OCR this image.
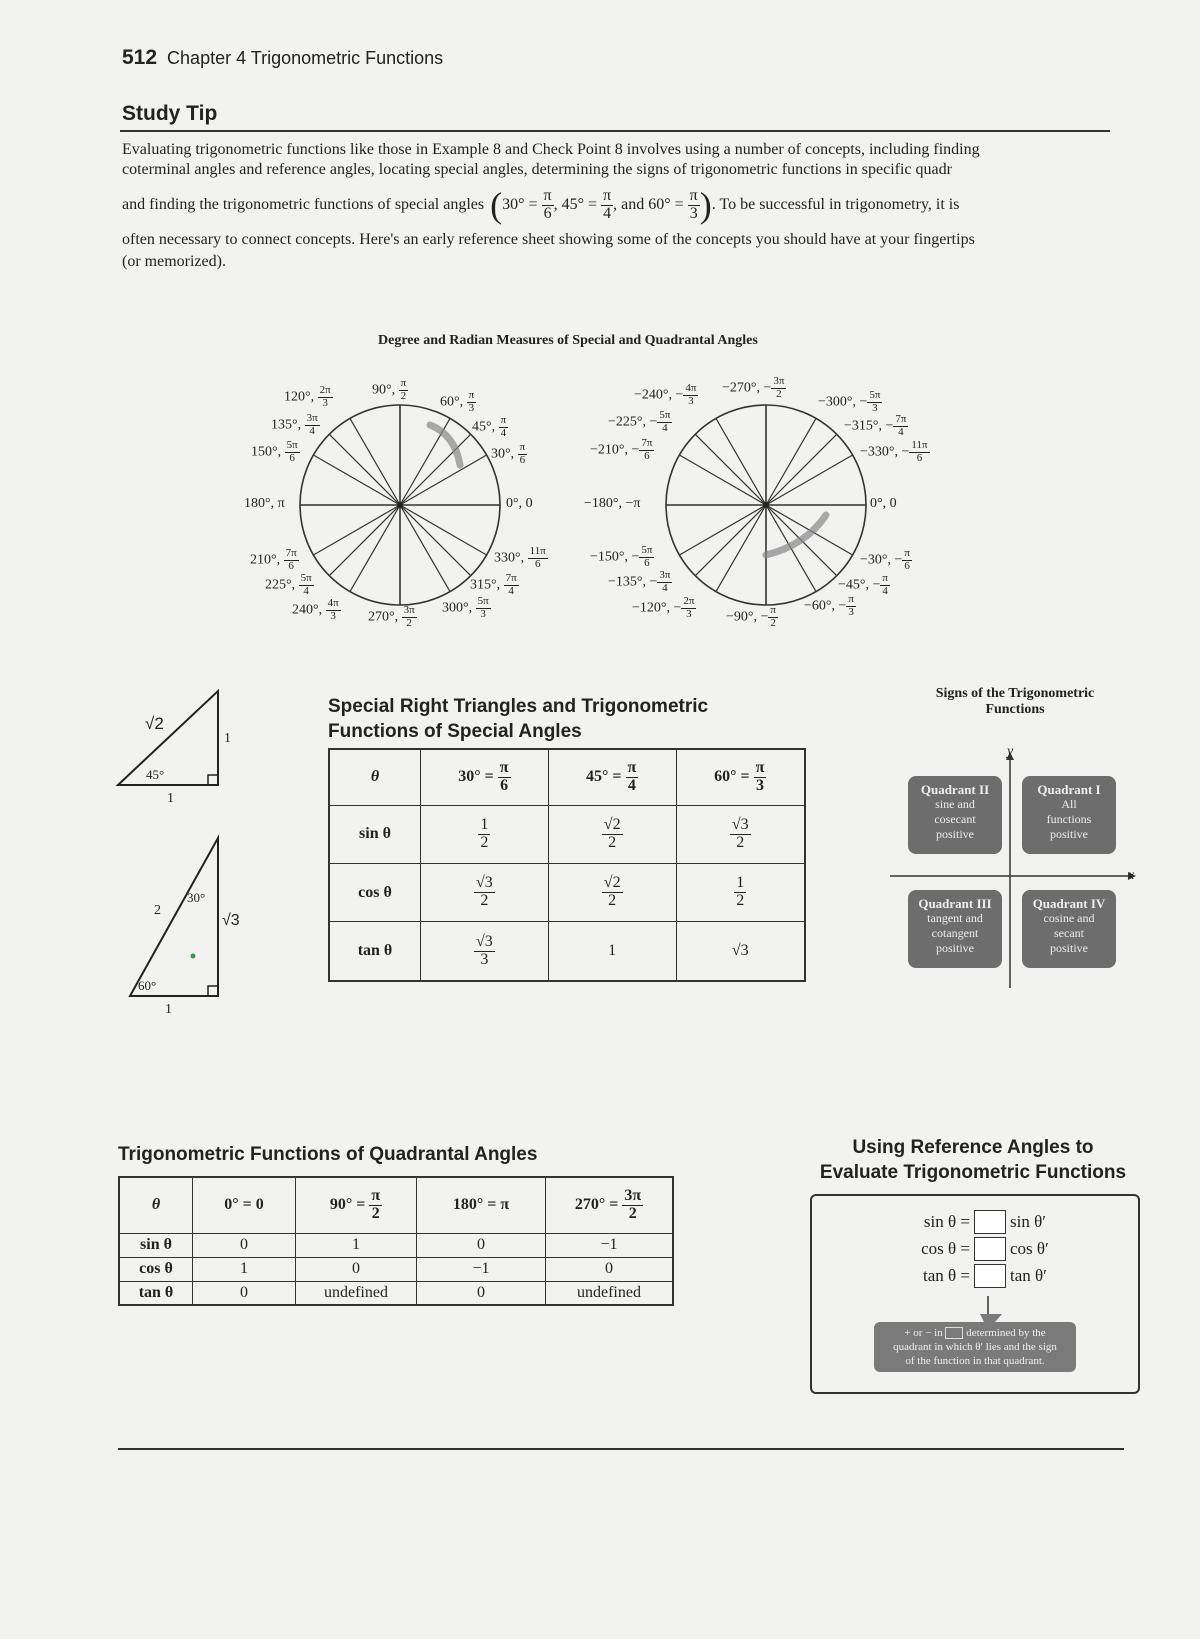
512 Chapter 4 Trigonometric Functions
Study Tip
Evaluating trigonometric functions like those in Example 8 and Check Point 8 involves using a number of concepts, including finding
coterminal angles and reference angles, locating special angles, determining the signs of trigonometric functions in specific quadr
and finding the trigonometric functions of special angles ( $30^\circ = \frac{\pi}{6}$ , $45^\circ = \frac{\pi}{4}$ , and $60^\circ = \frac{\pi}{3}$ ) . To be successful in trigonometry, it is
often necessary to connect concepts. Here's an early reference sheet showing some of the concepts you should have at your fingertips
(or memorized).
Degree and Radian Measures of Special and Quadrantal Angles
120°, $\frac{2\pi}{3}$	90°, $\frac{\pi}{2} 60^\circ$, $\frac{\pi}{3}$
135°, $\frac{3\pi}{4}$	45°, $\frac{\pi}{4}$
150°, $\frac{5\pi}{6}$	30°, $\frac{\pi}{6}$
180°, π	0°, 0
210°, $\frac{7\pi}{6}$	330°, $\frac{11\pi}{6}$
225°, $\frac{5\pi}{4}$	315°, $\frac{7\pi}{4}$
240°, $\frac{4\pi}{3} 270^\circ$, $\frac{3\pi}{2} 300^\circ$, $\frac{5\pi}{3}$
−240°, − $\frac{4\pi}{3} -270^\circ$, − $\frac{3\pi}{2}$
−300°, − $\frac{5\pi}{3}$
−225°, − $\frac{5\pi}{4}$	−315°, − $\frac{7\pi}{4}$
−210°, − $\frac{7\pi}{6}$	−330°, − $\frac{11\pi}{6}$
−180°, −π	0°, 0
−150°, − $\frac{5\pi}{6}$	−30°, − $\frac{\pi}{6}$
−135°, − $\frac{3\pi}{4}$	−45°, − $\frac{\pi}{4}$
−120°, − $\frac{2\pi}{3} -90^\circ$, − $\frac{\pi}{2} -60^\circ$, − $\frac{\pi}{3}$
√2
1
1
45°
2
√3
1
30°
60°
Special Right Triangles and Trigonometric
Functions of Special Angles
θ	$30^\circ = \frac{\pi}{6}$	$45^\circ = \frac{\pi}{4}$	$60^\circ = \frac{\pi}{3}$

sin θ	$\frac{1}{2}$	$\frac{√2}{2}$	$\frac{√3}{2}$

cos θ	$\frac{√3}{2}$	$\frac{√2}{2}$	$\frac{1}{2}$

tan θ	$\frac{√3}{3}$	1	√3
Signs of the Trigonometric
Functions
y
x
Quadrant II
sine and
cosecant
positive
Quadrant I
All
functions
positive
Quadrant III
tangent and
cotangent
positive
Quadrant IV
cosine and
secant
positive
Trigonometric Functions of Quadrantal Angles
θ	0° = 0	$90^\circ = \frac{\pi}{2}$	180° = π	$270^\circ = \frac{3\pi}{2}$

sin θ	0	1	0	−1
cos θ	1	0	−1	0
tan θ	0	undefined	0	undefined
Using Reference Angles to
Evaluate Trigonometric Functions
sin θ = sin θ′
cos θ = cos θ′
tan θ = tan θ′
+ or − in determined by the
quadrant in which θ′ lies and the sign
of the function in that quadrant.
